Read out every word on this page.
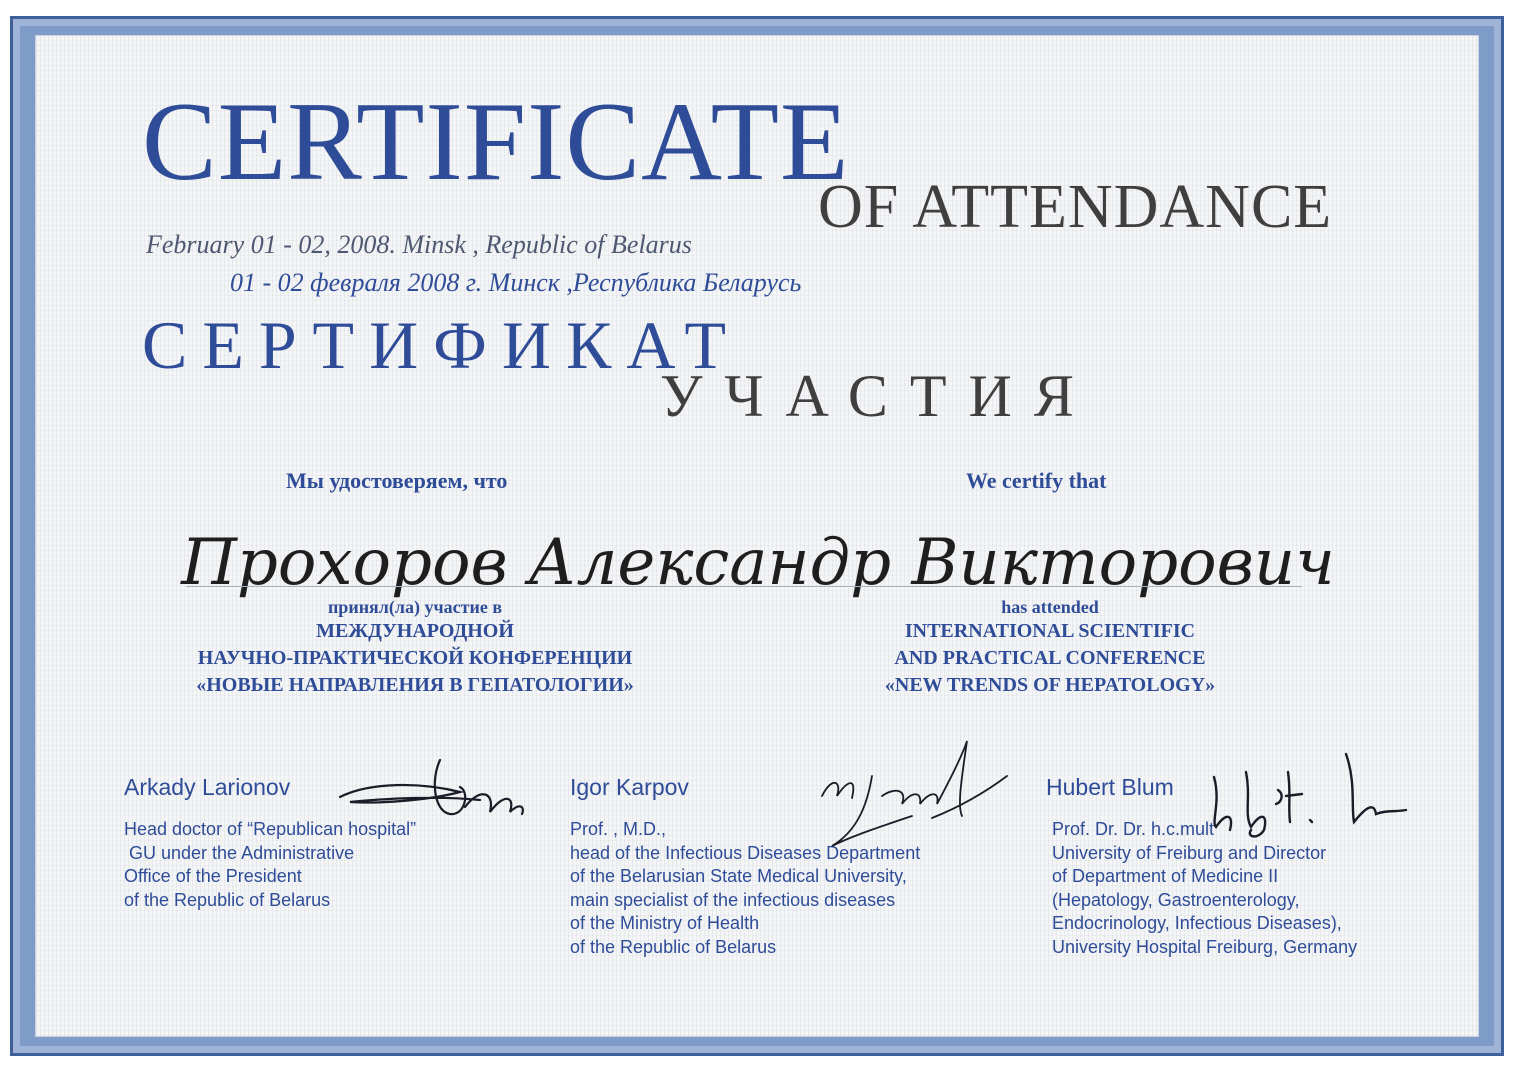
CERTIFICATE
OF ATTENDANCE
February 01 - 02, 2008. Minsk , Republic of Belarus
01 - 02 февраля 2008 г. Минск ,Республика Беларусь
СЕРТИФИКАТ
УЧАСТИЯ
Мы удостоверяем, что	We certify that
Прохоров Александр Викторович
принял(ла) участие в
МЕЖДУНАРОДНОЙ
НАУЧНО-ПРАКТИЧЕСКОЙ КОНФЕРЕНЦИИ
«НОВЫЕ НАПРАВЛЕНИЯ В ГЕПАТОЛОГИИ»
has attended
INTERNATIONAL SCIENTIFIC
AND PRACTICAL CONFERENCE
«NEW TRENDS OF HEPATOLOGY»
Arkady Larionov
Head doctor of “Republican hospital”
GU under the Administrative
Office of the President
of the Republic of Belarus
Igor Karpov
Prof. , M.D.,
head of the Infectious Diseases Department
of the Belarusian State Medical University,
main specialist of the infectious diseases
of the Ministry of Health
of the Republic of Belarus
Hubert Blum
Prof. Dr. Dr. h.c.mult
University of Freiburg and Director
of Department of Medicine II
(Hepatology, Gastroenterology,
Endocrinology, Infectious Diseases),
University Hospital Freiburg, Germany
